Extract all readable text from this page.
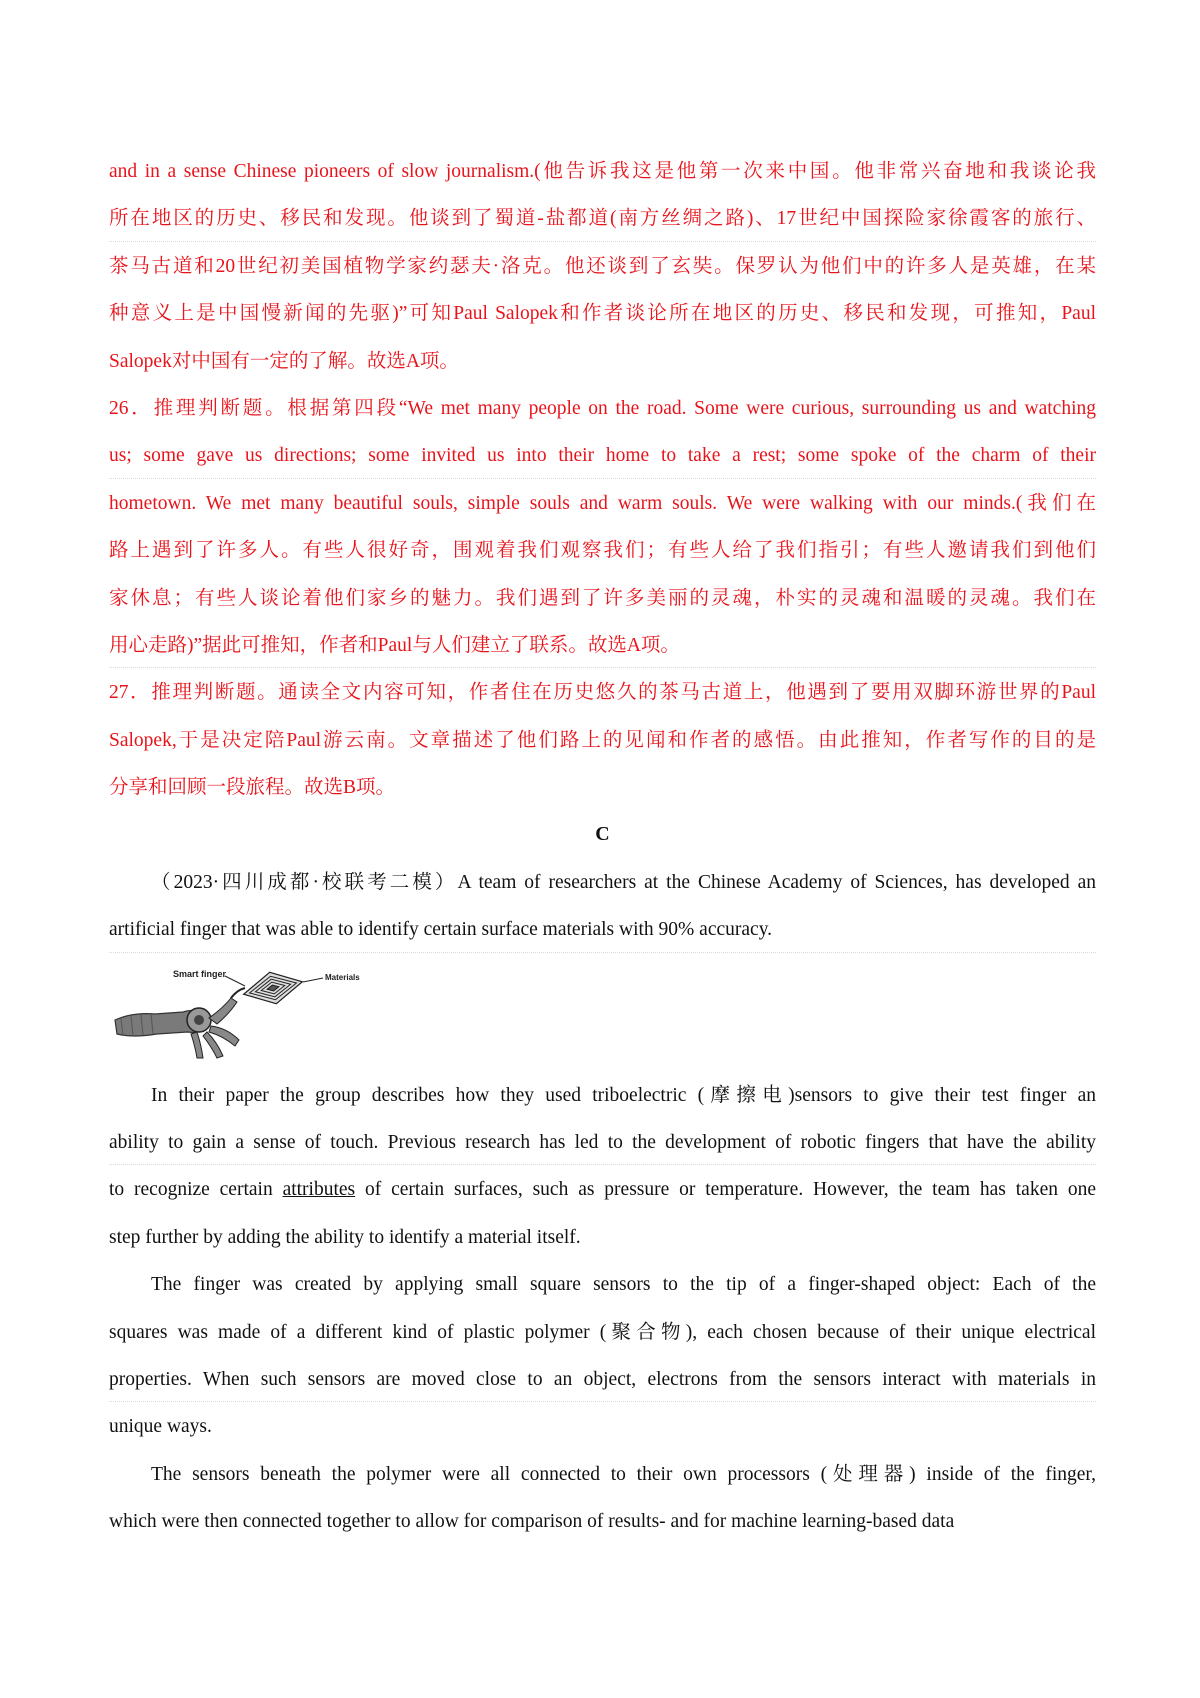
and in a sense Chinese pioneers of slow journalism.(他告诉我这是他第一次来中国。他非常兴奋地和我谈论我
所在地区的历史、移民和发现。他谈到了蜀道-盐都道(南方丝绸之路)、17世纪中国探险家徐霞客的旅行、
茶马古道和20世纪初美国植物学家约瑟夫·洛克。他还谈到了玄奘。保罗认为他们中的许多人是英雄，在某
种意义上是中国慢新闻的先驱)”可知Paul Salopek和作者谈论所在地区的历史、移民和发现，可推知，Paul
Salopek对中国有一定的了解。故选A项。
26．推理判断题。根据第四段“We met many people on the road. Some were curious, surrounding us and watching
us; some gave us directions; some invited us into their home to take a rest; some spoke of the charm of their
hometown. We met many beautiful souls, simple souls and warm souls. We were walking with our minds.(我们在
路上遇到了许多人。有些人很好奇，围观着我们观察我们；有些人给了我们指引；有些人邀请我们到他们
家休息；有些人谈论着他们家乡的魅力。我们遇到了许多美丽的灵魂，朴实的灵魂和温暖的灵魂。我们在
用心走路)”据此可推知，作者和Paul与人们建立了联系。故选A项。
27．推理判断题。通读全文内容可知，作者住在历史悠久的茶马古道上，他遇到了要用双脚环游世界的Paul
Salopek,于是决定陪Paul游云南。文章描述了他们路上的见闻和作者的感悟。由此推知，作者写作的目的是
分享和回顾一段旅程。故选B项。
C
（2023·四川成都·校联考二模）A team of researchers at the Chinese Academy of Sciences, has developed an
artificial finger that was able to identify certain surface materials with 90% accuracy.
Smart finger	Materials
In their paper the group describes how they used triboelectric (摩擦电)sensors to give their test finger an
ability to gain a sense of touch. Previous research has led to the development of robotic fingers that have the ability
to recognize certain attributes of certain surfaces, such as pressure or temperature. However, the team has taken one
step further by adding the ability to identify a material itself.
The finger was created by applying small square sensors to the tip of a finger-shaped object: Each of the
squares was made of a different kind of plastic polymer (聚合物), each chosen because of their unique electrical
properties. When such sensors are moved close to an object, electrons from the sensors interact with materials in
unique ways.
The sensors beneath the polymer were all connected to their own processors (处理器) inside of the finger,
which were then connected together to allow for comparison of results- and for machine learning-based data
